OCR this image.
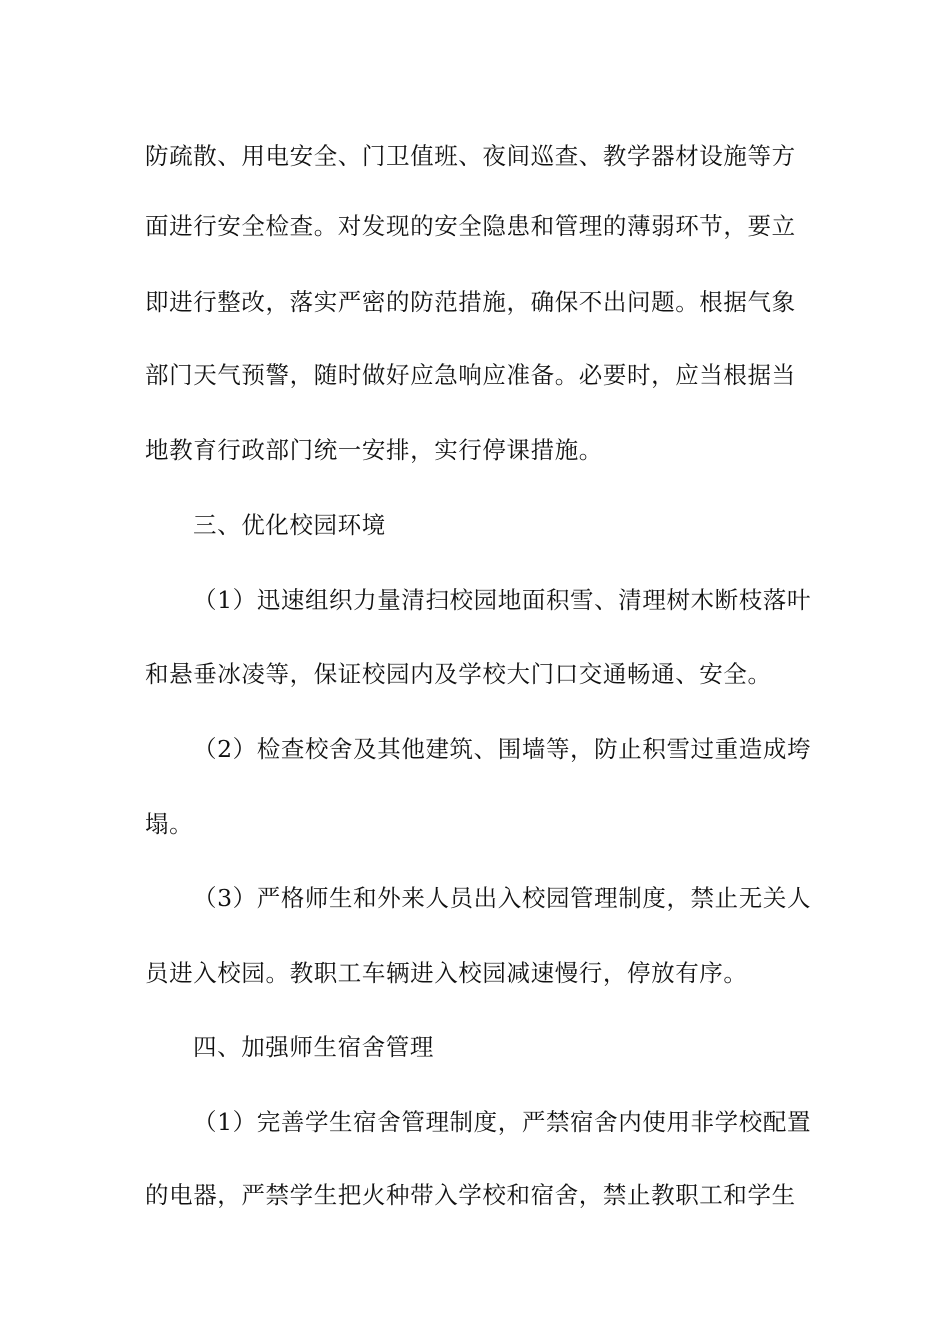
防疏散、用电安全、门卫值班、夜间巡查、教学器材设施等方
面进行安全检查。对发现的安全隐患和管理的薄弱环节，要立
即进行整改，落实严密的防范措施，确保不出问题。根据气象
部门天气预警，随时做好应急响应准备。必要时，应当根据当
地教育行政部门统一安排，实行停课措施。
三、优化校园环境
（1）迅速组织力量清扫校园地面积雪、清理树木断枝落叶
和悬垂冰凌等，保证校园内及学校大门口交通畅通、安全。
（2）检查校舍及其他建筑、围墙等，防止积雪过重造成垮
塌。
（3）严格师生和外来人员出入校园管理制度，禁止无关人
员进入校园。教职工车辆进入校园减速慢行，停放有序。
四、加强师生宿舍管理
（1）完善学生宿舍管理制度，严禁宿舍内使用非学校配置
的电器，严禁学生把火种带入学校和宿舍，禁止教职工和学生
